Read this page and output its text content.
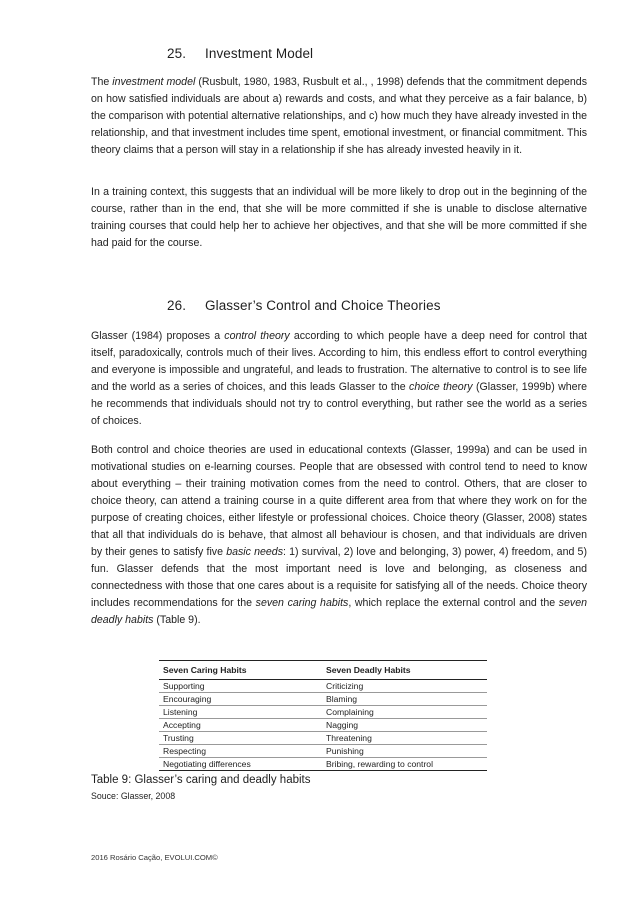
25. Investment Model

The investment model (Rusbult, 1980, 1983, Rusbult et al., , 1998) defends that the commitment depends on how satisfied individuals are about a) rewards and costs, and what they perceive as a fair balance, b) the comparison with potential alternative relationships, and c) how much they have already invested in the relationship, and that investment includes time spent, emotional investment, or financial commitment. This theory claims that a person will stay in a relationship if she has already invested heavily in it.

In a training context, this suggests that an individual will be more likely to drop out in the beginning of the course, rather than in the end, that she will be more committed if she is unable to disclose alternative training courses that could help her to achieve her objectives, and that she will be more committed if she had paid for the course.

26. Glasser’s Control and Choice Theories

Glasser (1984) proposes a control theory according to which people have a deep need for control that itself, paradoxically, controls much of their lives. According to him, this endless effort to control everything and everyone is impossible and ungrateful, and leads to frustration. The alternative to control is to see life and the world as a series of choices, and this leads Glasser to the choice theory (Glasser, 1999b) where he recommends that individuals should not try to control everything, but rather see the world as a series of choices.

Both control and choice theories are used in educational contexts (Glasser, 1999a) and can be used in motivational studies on e-learning courses. People that are obsessed with control tend to need to know about everything – their training motivation comes from the need to control. Others, that are closer to choice theory, can attend a training course in a quite different area from that where they work on for the purpose of creating choices, either lifestyle or professional choices. Choice theory (Glasser, 2008) states that all that individuals do is behave, that almost all behaviour is chosen, and that individuals are driven by their genes to satisfy five basic needs: 1) survival, 2) love and belonging, 3) power, 4) freedom, and 5) fun. Glasser defends that the most important need is love and belonging, as closeness and connectedness with those that one cares about is a requisite for satisfying all of the needs. Choice theory includes recommendations for the seven caring habits, which replace the external control and the seven deadly habits (Table 9).

Seven Caring Habits	Seven Deadly Habits
Supporting	Criticizing
Encouraging	Blaming
Listening	Complaining
Accepting	Nagging
Trusting	Threatening
Respecting	Punishing
Negotiating differences	Bribing, rewarding to control

Table 9: Glasser’s caring and deadly habits

Souce: Glasser, 2008

2016 Rosário Cação, EVOLUI.COM©
